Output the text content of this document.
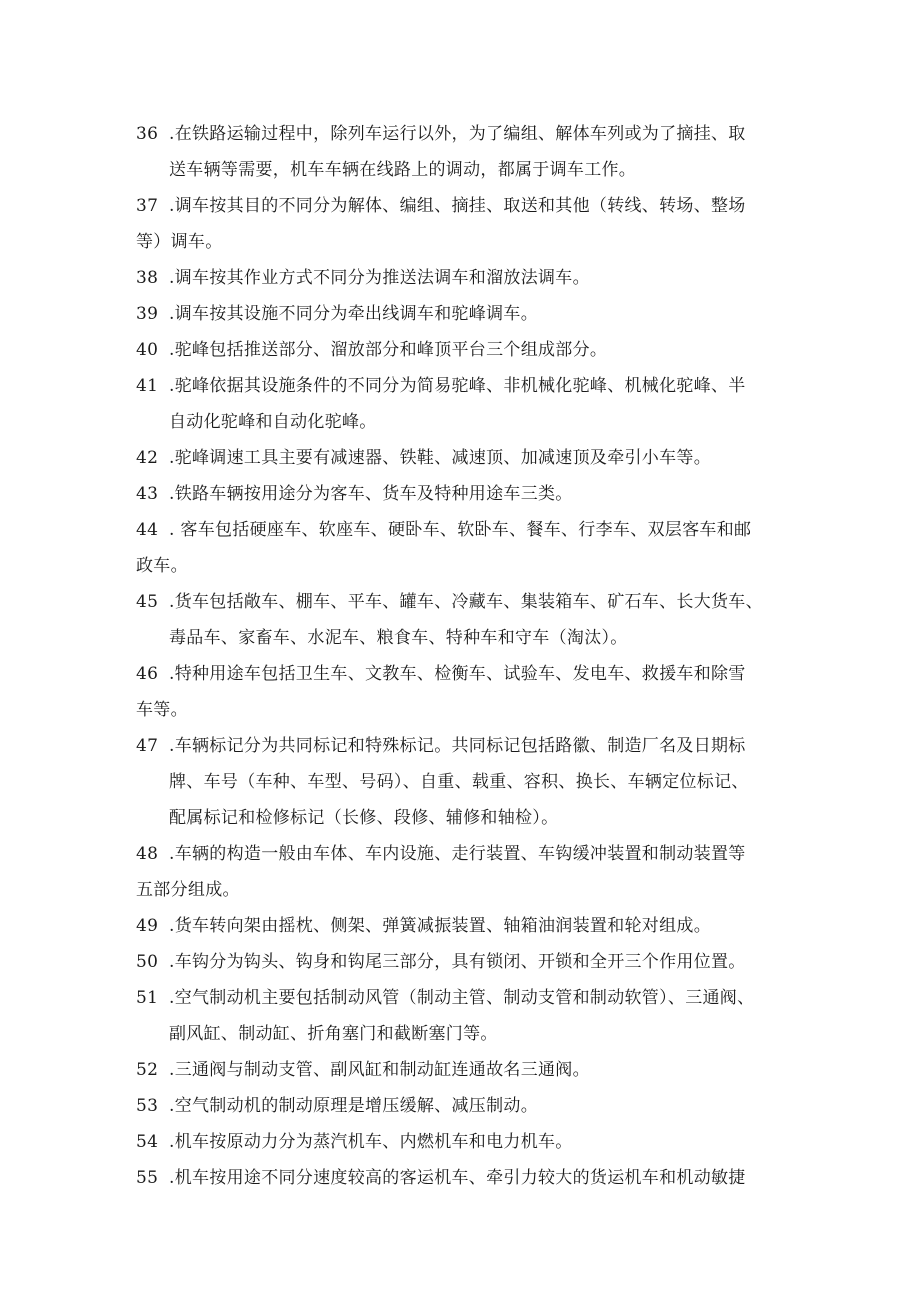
36 .在铁路运输过程中，除列车运行以外，为了编组、解体车列或为了摘挂、取
送车辆等需要，机车车辆在线路上的调动，都属于调车工作。
37 .调车按其目的不同分为解体、编组、摘挂、取送和其他（转线、转场、整场
等）调车。
38 .调车按其作业方式不同分为推送法调车和溜放法调车。
39 .调车按其设施不同分为牵出线调车和驼峰调车。
40 .驼峰包括推送部分、溜放部分和峰顶平台三个组成部分。
41 .驼峰依据其设施条件的不同分为简易驼峰、非机械化驼峰、机械化驼峰、半
自动化驼峰和自动化驼峰。
42 .驼峰调速工具主要有减速器、铁鞋、减速顶、加减速顶及牵引小车等。
43 .铁路车辆按用途分为客车、货车及特种用途车三类。
44 . 客车包括硬座车、软座车、硬卧车、软卧车、餐车、行李车、双层客车和邮
政车。
45 .货车包括敞车、棚车、平车、罐车、冷藏车、集装箱车、矿石车、长大货车、
毒品车、家畜车、水泥车、粮食车、特种车和守车（淘汰）。
46 .特种用途车包括卫生车、文教车、检衡车、试验车、发电车、救援车和除雪
车等。
47 .车辆标记分为共同标记和特殊标记。共同标记包括路徽、制造厂名及日期标
牌、车号（车种、车型、号码）、自重、载重、容积、换长、车辆定位标记、
配属标记和检修标记（长修、段修、辅修和轴检）。
48 .车辆的构造一般由车体、车内设施、走行装置、车钩缓冲装置和制动装置等
五部分组成。
49 .货车转向架由摇枕、侧架、弹簧减振装置、轴箱油润装置和轮对组成。
50 .车钩分为钩头、钩身和钩尾三部分，具有锁闭、开锁和全开三个作用位置。
51 .空气制动机主要包括制动风管（制动主管、制动支管和制动软管）、三通阀、
副风缸、制动缸、折角塞门和截断塞门等。
52 .三通阀与制动支管、副风缸和制动缸连通故名三通阀。
53 .空气制动机的制动原理是增压缓解、减压制动。
54 .机车按原动力分为蒸汽机车、内燃机车和电力机车。
55 .机车按用途不同分速度较高的客运机车、牵引力较大的货运机车和机动敏捷
